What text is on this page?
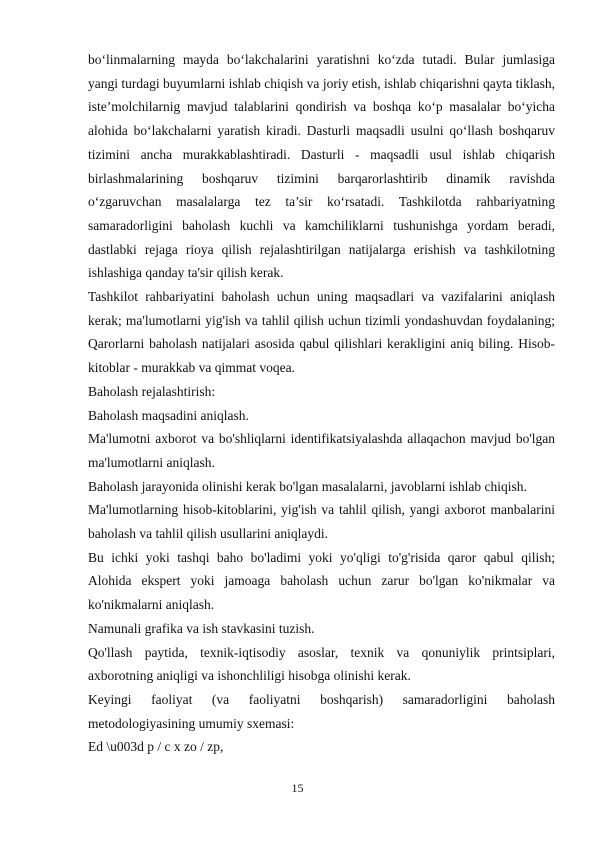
bo‘linmalarning mayda bo‘lakchalarini yaratishni ko‘zda tutadi. Bular jumlasiga yangi turdagi buyumlarni ishlab chiqish va joriy etish, ishlab chiqarishni qayta tiklash, iste’molchilarnig mavjud talablarini qondirish va boshqa ko‘p masalalar bo‘yicha alohida bo‘lakchalarni yaratish kiradi. Dasturli maqsadli usulni qo‘llash boshqaruv tizimini ancha murakkablashtiradi. Dasturli - maqsadli usul ishlab chiqarish birlashmalarining boshqaruv tizimini barqarorlashtirib dinamik ravishda o‘zgaruvchan masalalarga tez ta’sir ko‘rsatadi. Tashkilotda rahbariyatning samaradorligini baholash kuchli va kamchiliklarni tushunishga yordam beradi, dastlabki rejaga rioya qilish rejalashtirilgan natijalarga erishish va tashkilotning ishlashiga qanday ta'sir qilish kerak.

Tashkilot rahbariyatini baholash uchun uning maqsadlari va vazifalarini aniqlash kerak; ma'lumotlarni yig'ish va tahlil qilish uchun tizimli yondashuvdan foydalaning; Qarorlarni baholash natijalari asosida qabul qilishlari kerakligini aniq biling. Hisob-kitoblar - murakkab va qimmat voqea.

Baholash rejalashtirish:

Baholash maqsadini aniqlash.

Ma'lumotni axborot va bo'shliqlarni identifikatsiyalashda allaqachon mavjud bo'lgan ma'lumotlarni aniqlash.

Baholash jarayonida olinishi kerak bo'lgan masalalarni, javoblarni ishlab chiqish.

Ma'lumotlarning hisob-kitoblarini, yig'ish va tahlil qilish, yangi axborot manbalarini baholash va tahlil qilish usullarini aniqlaydi.

Bu ichki yoki tashqi baho bo'ladimi yoki yo'qligi to'g'risida qaror qabul qilish; Alohida ekspert yoki jamoaga baholash uchun zarur bo'lgan ko'nikmalar va ko'nikmalarni aniqlash.

Namunali grafika va ish stavkasini tuzish.

Qo'llash paytida, texnik-iqtisodiy asoslar, texnik va qonuniylik printsiplari, axborotning aniqligi va ishonchliligi hisobga olinishi kerak.

Keyingi faoliyat (va faoliyatni boshqarish) samaradorligini baholash metodologiyasining umumiy sxemasi:

Ed \u003d p / c x zo / zp,

15
